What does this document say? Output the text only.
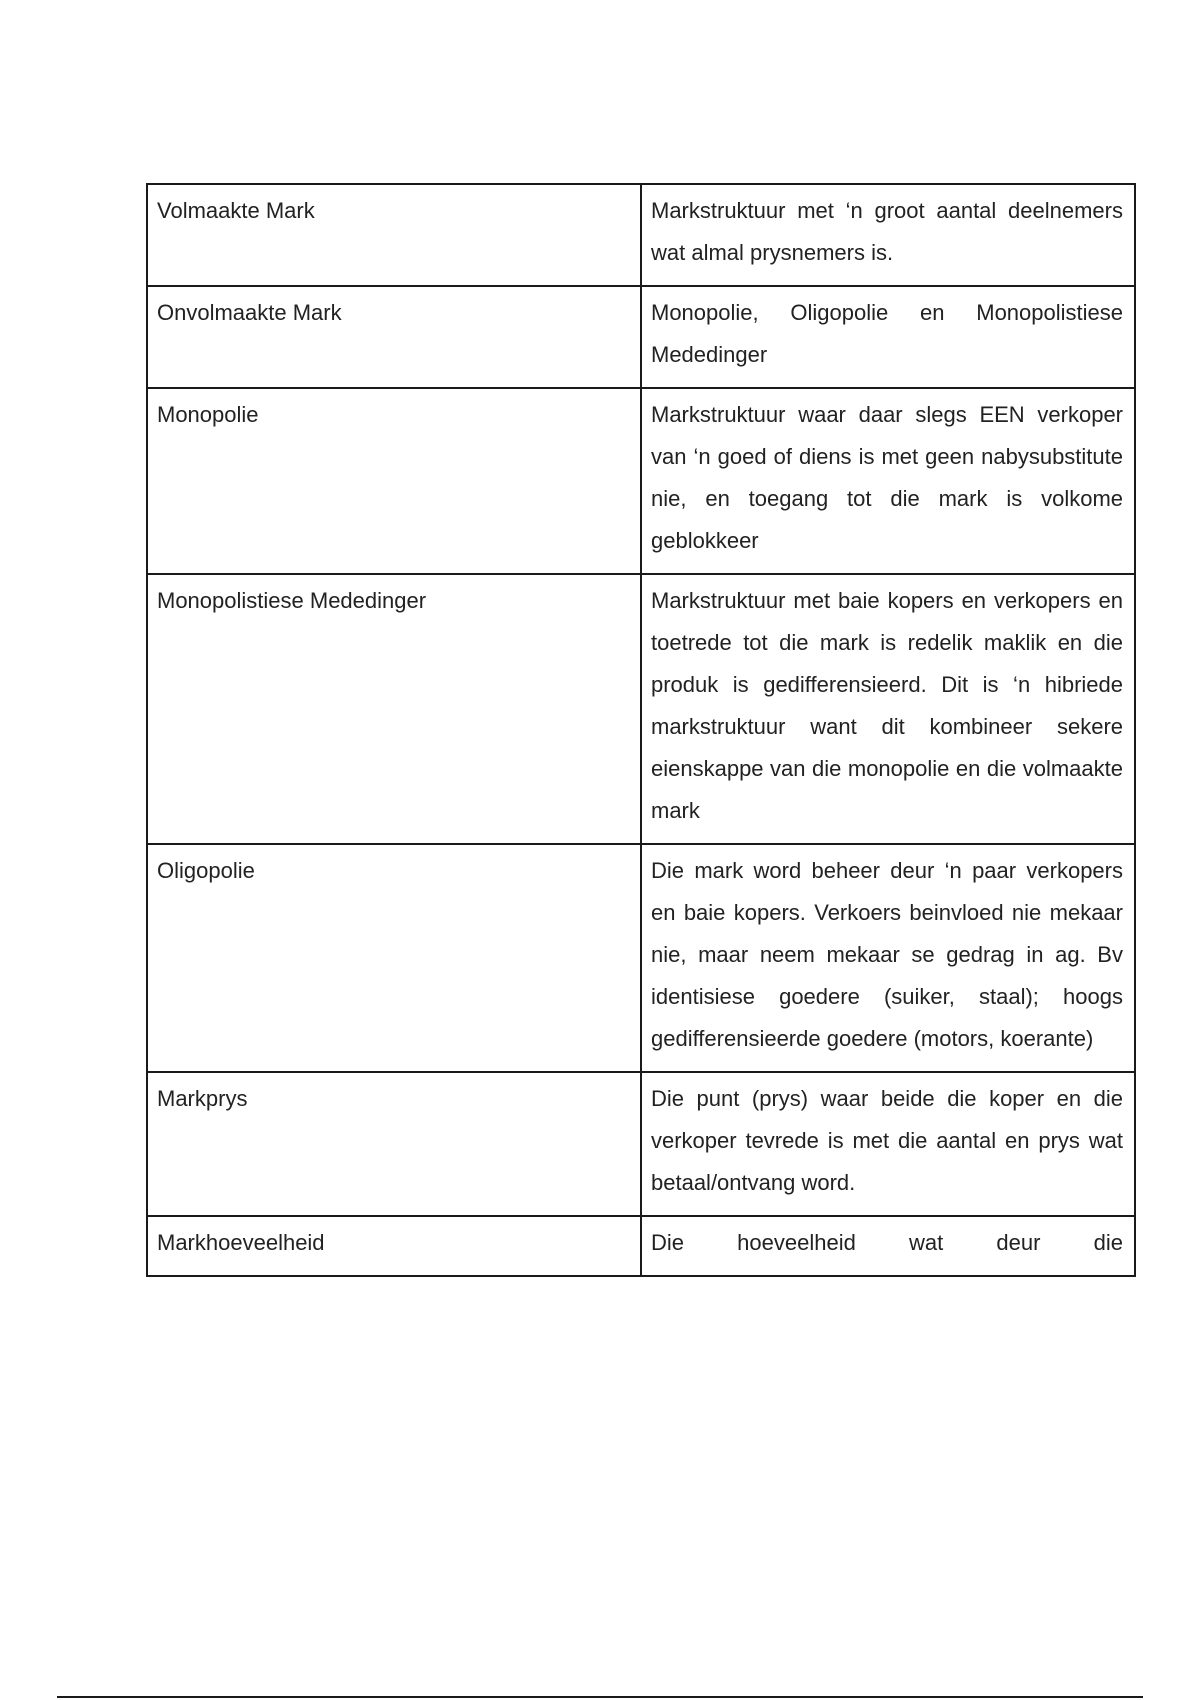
Volmaakte Mark	Markstruktuur met ‘n groot aantal deelnemers wat almal prysnemers is.
Onvolmaakte Mark	Monopolie, Oligopolie en Monopolistiese Mededinger
Monopolie	Markstruktuur waar daar slegs EEN verkoper van ‘n goed of diens is met geen nabysubstitute nie, en toegang tot die mark is volkome geblokkeer
Monopolistiese Mededinger	Markstruktuur met baie kopers en verkopers en toetrede tot die mark is redelik maklik en die produk is gedifferensieerd. Dit is ‘n hibriede markstruktuur want dit kombineer sekere eienskappe van die monopolie en die volmaakte mark
Oligopolie	Die mark word beheer deur ‘n paar verkopers en baie kopers. Verkoers beinvloed nie mekaar nie, maar neem mekaar se gedrag in ag. Bv identisiese goedere (suiker, staal); hoogs gedifferensieerde goedere (motors, koerante)
Markprys	Die punt (prys) waar beide die koper en die verkoper tevrede is met die aantal en prys wat betaal/ontvang word.
Markhoeveelheid	Die hoeveelheid wat deur die
